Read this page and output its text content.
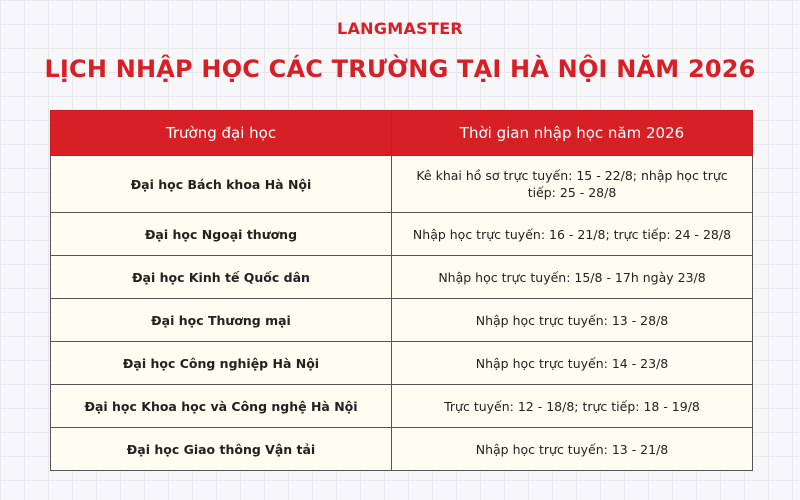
LANGMASTER
LỊCH NHẬP HỌC CÁC TRƯỜNG TẠI HÀ NỘI NĂM 2026
Trường đại học	Thời gian nhập học năm 2026
Đại học Bách khoa Hà Nội	Kê khai hồ sơ trực tuyến: 15 - 22/8; nhập học trực tiếp: 25 - 28/8
Đại học Ngoại thương	Nhập học trực tuyến: 16 - 21/8; trực tiếp: 24 - 28/8
Đại học Kinh tế Quốc dân	Nhập học trực tuyến: 15/8 - 17h ngày 23/8
Đại học Thương mại	Nhập học trực tuyến: 13 - 28/8
Đại học Công nghiệp Hà Nội	Nhập học trực tuyến: 14 - 23/8
Đại học Khoa học và Công nghệ Hà Nội	Trực tuyến: 12 - 18/8; trực tiếp: 18 - 19/8
Đại học Giao thông Vận tải	Nhập học trực tuyến: 13 - 21/8
